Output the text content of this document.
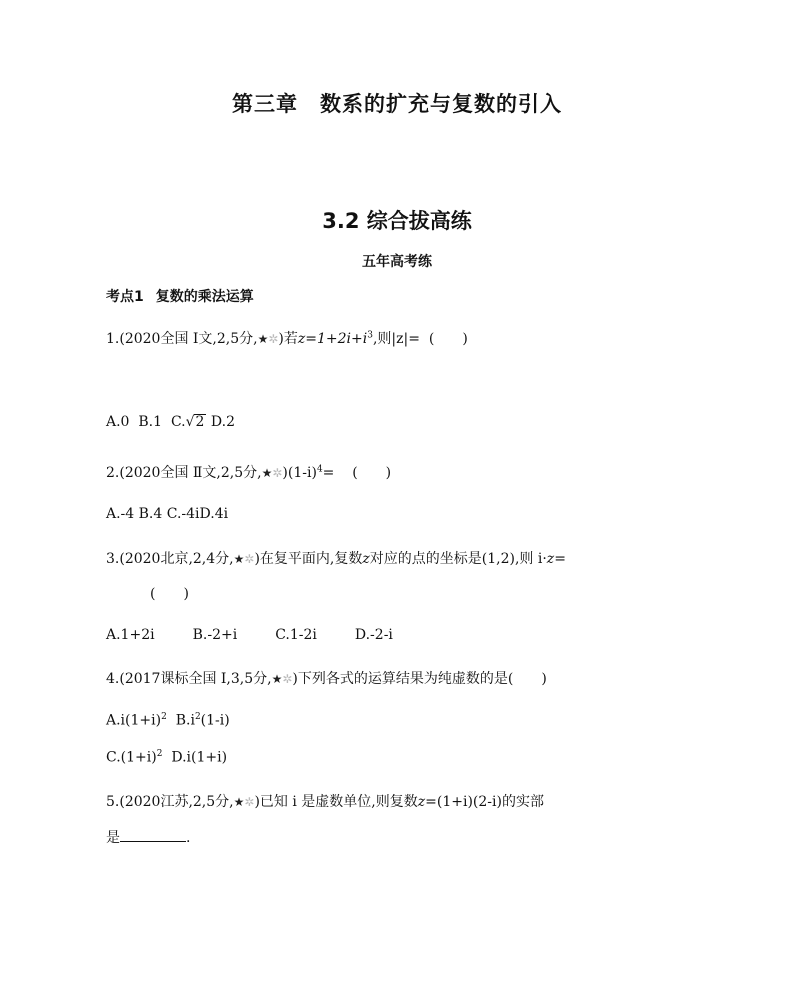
第三章 数系的扩充与复数的引入
3.2 综合拔高练
五年高考练
考点1 复数的乘法运算
1.(2020全国 Ⅰ文,2,5分,★✲)若$z=1+2i+i^3$,则|z|= (　　)
A.0 B.1 C.√2 D.2
2.(2020全国 Ⅱ文,2,5分$,★✲)(1-i)^4=$ (　　)
A.-4 B.4 C.-4iD.4i
3.(2020北京,2,4分,★✲)在复平面内,复数z对应的点的坐标是(1,2),则 i·z=
(　　)
A.1+2i	B.-2+i	C.1-2i	D.-2-i
4.(2017课标全国 Ⅰ,3,5分,★✲)下列各式的运算结果为纯虚数的是(　　)
$A.i(1+i)^2$ $B.i^2(1-i)$
$C.(1+i)^2$ D.i(1+i)
5.(2020江苏,2,5分,★✲)已知 i 是虚数单位,则复数z=(1+i)(2-i)的实部
是	.
